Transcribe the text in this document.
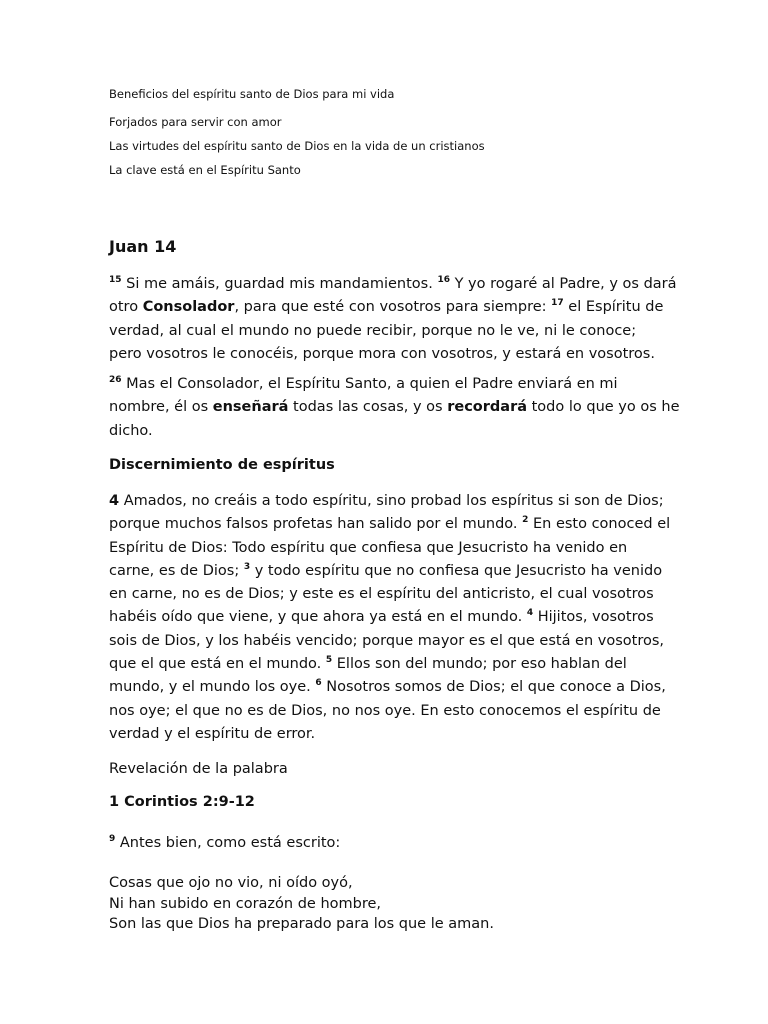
Beneficios del espíritu santo de Dios para mi vida
Forjados para servir con amor
Las virtudes del espíritu santo de Dios en la vida de un cristianos
La clave está en el Espíritu Santo
Juan 14
$^{15}$ Si me amáis, guardad mis mandamientos. $^{16}$ Y yo rogaré al Padre, y os dará
otro Consolador, para que esté con vosotros para siempre: $^{17}$ el Espíritu de
verdad, al cual el mundo no puede recibir, porque no le ve, ni le conoce;
pero vosotros le conocéis, porque mora con vosotros, y estará en vosotros.
$^{26}$ Mas el Consolador, el Espíritu Santo, a quien el Padre enviará en mi
nombre, él os enseñará todas las cosas, y os recordará todo lo que yo os he
dicho.
Discernimiento de espíritus
4 Amados, no creáis a todo espíritu, sino probad los espíritus si son de Dios;
porque muchos falsos profetas han salido por el mundo. $^2$ En esto conoced el
Espíritu de Dios: Todo espíritu que confiesa que Jesucristo ha venido en
carne, es de Dios; $^3$ y todo espíritu que no confiesa que Jesucristo ha venido
en carne, no es de Dios; y este es el espíritu del anticristo, el cual vosotros
habéis oído que viene, y que ahora ya está en el mundo. $^4$ Hijitos, vosotros
sois de Dios, y los habéis vencido; porque mayor es el que está en vosotros,
que el que está en el mundo. $^5$ Ellos son del mundo; por eso hablan del
mundo, y el mundo los oye. $^6$ Nosotros somos de Dios; el que conoce a Dios,
nos oye; el que no es de Dios, no nos oye. En esto conocemos el espíritu de
verdad y el espíritu de error.
Revelación de la palabra
1 Corintios 2:9-12
$^9$ Antes bien, como está escrito:
Cosas que ojo no vio, ni oído oyó,
Ni han subido en corazón de hombre,
Son las que Dios ha preparado para los que le aman.
